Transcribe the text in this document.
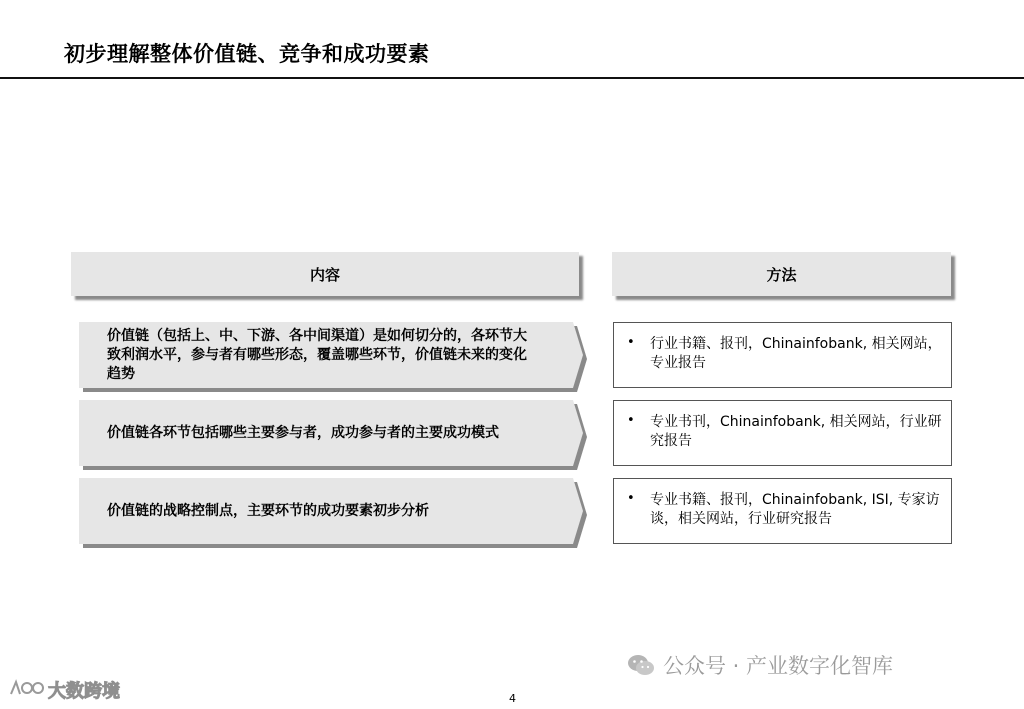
初步理解整体价值链、竞争和成功要素
内容	方法
价值链（包括上、中、下游、各中间渠道）是如何切分的，各环节大致利润水平，参与者有哪些形态，覆盖哪些环节，价值链未来的变化趋势
• 行业书籍、报刊，Chinainfobank, 相关网站，专业报告
价值链各环节包括哪些主要参与者，成功参与者的主要成功模式
• 专业书刊，Chinainfobank, 相关网站，行业研究报告
价值链的战略控制点，主要环节的成功要素初步分析
• 专业书籍、报刊，Chinainfobank, ISI, 专家访谈，相关网站，行业研究报告
公众号 · 产业数字化智库
大数跨境	4
